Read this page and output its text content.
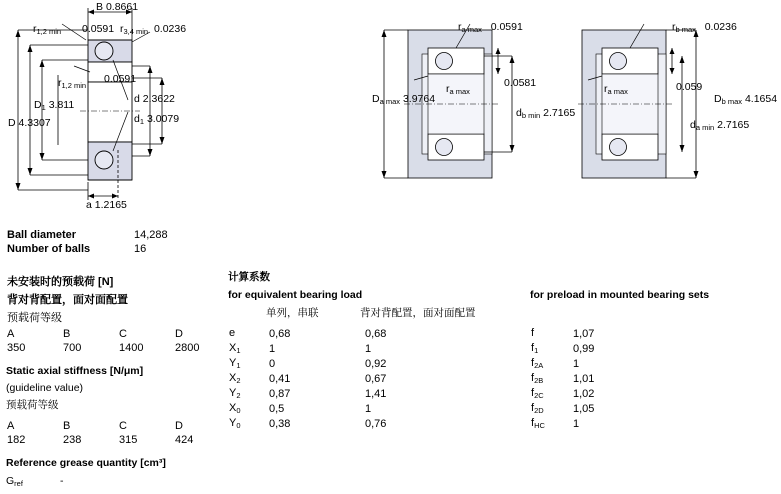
B 0.8661
$r_{1,2 min}$ 0.0591 $r_{3,4 min}$ 0.0236
$r_{1,2 min}$
0.0591
$D_1$ 3.811	d 2.3622
D 4.3307	$d_1$ 3.0079
a 1.2165
$r_{a max}$ 0.0591
$r_{a max}$
0.0581
$D_{a max}$ 3.9764
$d_{b min}$ 2.7165
$r_{b max}$ 0.0236
$r_{a max}$	0.059
$D_{b max}$ 4.1654
$d_{a min}$ 2.7165
Ball diameter	14,288
Number of balls	16

未安装时的预载荷 [N]	
背对背配置，面对面配置	
预载荷等级	
A	B	C	D
350	700	1400	2800
Static axial stiffness [N/μm]
(guideline value)
预载荷等级
A	B	C	D
182	238	315	424
Reference grease quantity [cm³]
$G_{ref}$	-
计算系数
for equivalent bearing load
单列，串联	背对背配置，面对面配置
e	0,68	0,68
$X_1$	1	1
$Y_1$	0	0,92
$X_2$	0,41	0,67
$Y_2$	0,87	1,41
$X_0$	0,5	1
$Y_0$	0,38	0,76
for preload in mounted bearing sets
f	1,07
$f_1$	0,99
$f_{2A}$	1
$f_{2B}$	1,01
$f_{2C}$	1,02
$f_{2D}$	1,05
$f_{HC}$	1
